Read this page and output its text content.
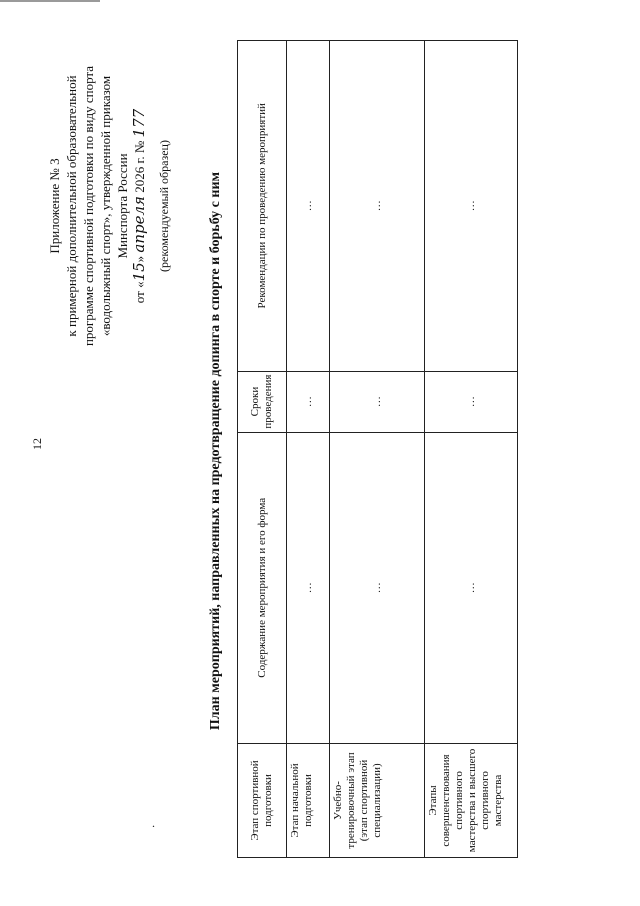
.
12
Приложение № 3 к примерной дополнительной образовательной программе спортивной подготовки по виду спорта «водолыжный спорт», утвержденной приказом Минспорта России
от «15» апреля 2026 г. № 177
(рекомендуемый образец)	План мероприятий, направленных на предотвращение допинга в спорте и борьбу с ним
Этап спортивной подготовки	Содержание мероприятия и его форма	Сроки проведения	Рекомендации по проведению мероприятий
Этап начальной подготовки	…	…	…
Учебно-тренировочный этап (этап спортивной специализации)	…	…	…
Этапы совершенствования спортивного мастерства и высшего спортивного мастерства	…	…	…
